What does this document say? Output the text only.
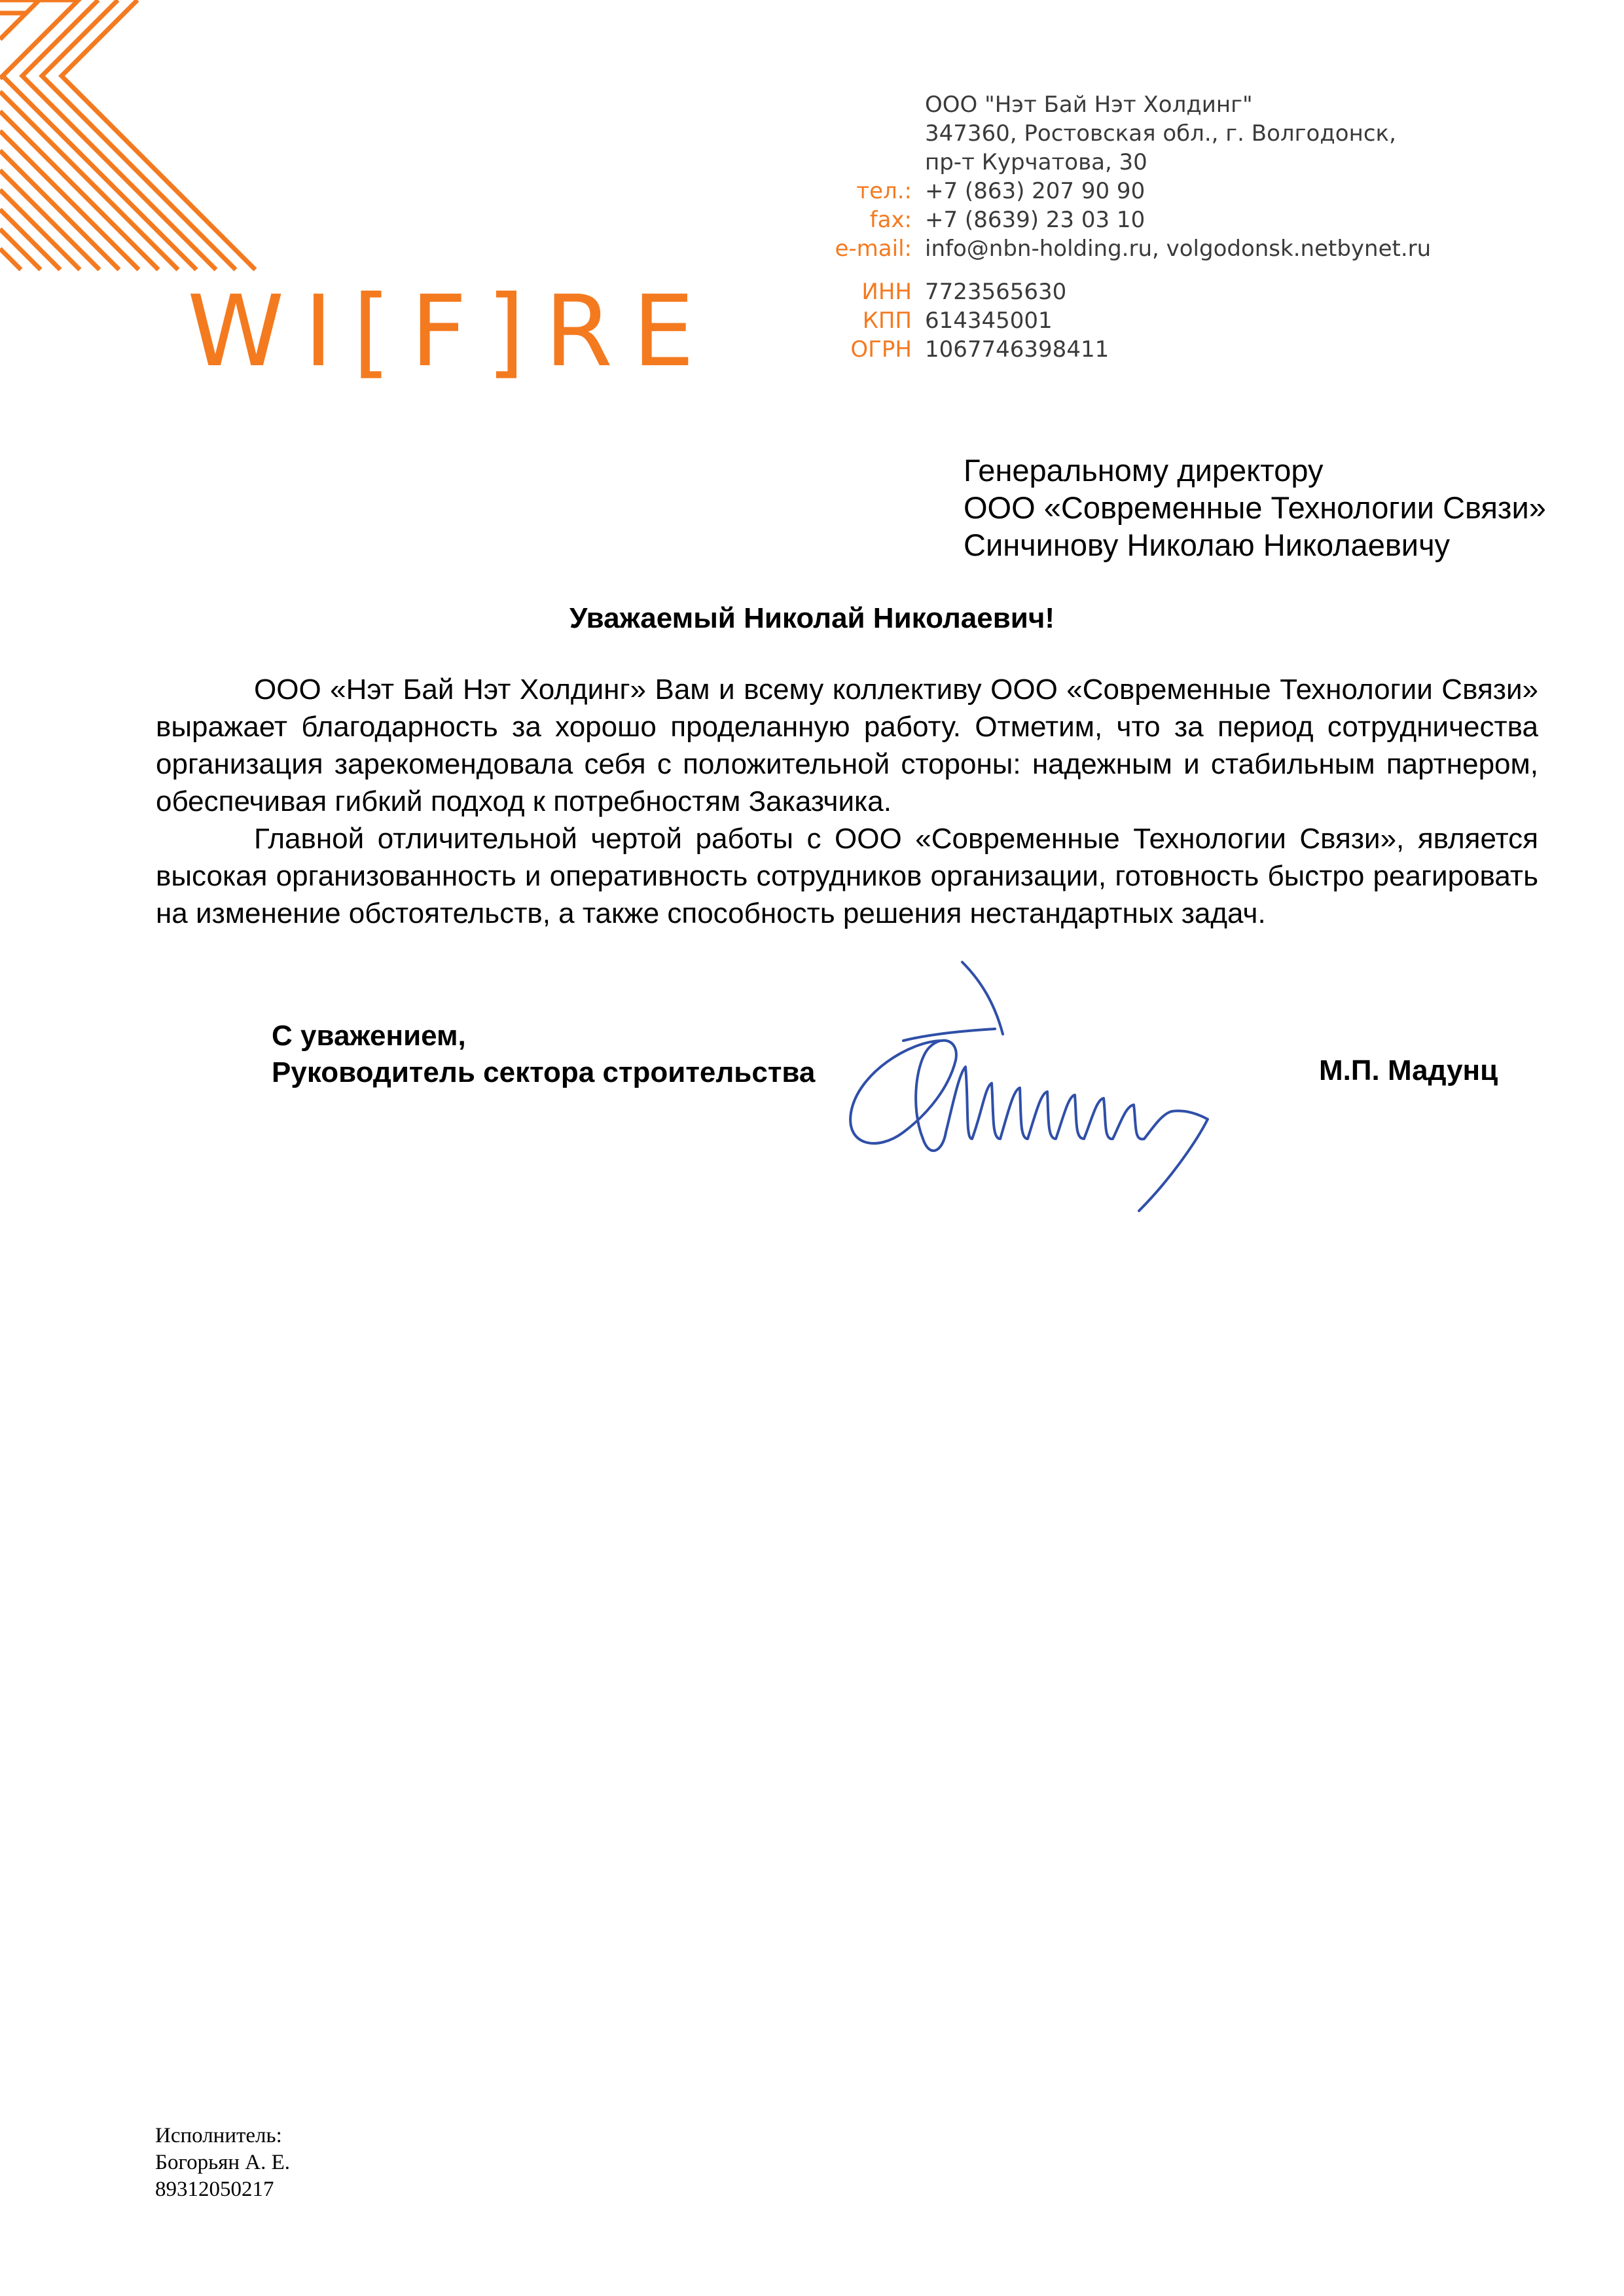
WI[F]RE
ООО "Нэт Бай Нэт Холдинг"
347360, Ростовская обл., г. Волгодонск,
пр-т Курчатова, 30
тел.: +7 (863) 207 90 90
fax: +7 (8639) 23 03 10
e-mail: info@nbn-holding.ru, volgodonsk.netbynet.ru
ИНН 7723565630
КПП 614345001
ОГРН 1067746398411
Генеральному директору
ООО «Современные Технологии Связи»
Синчинову Николаю Николаевичу
Уважаемый Николай Николаевич!

ООО «Нэт Бай Нэт Холдинг» Вам и всему коллективу ООО «Современные Технологии Связи» выражает благодарность за хорошо проделанную работу. Отметим, что за период сотрудничества организация зарекомендовала себя с положительной стороны: надежным и стабильным партнером, обеспечивая гибкий подход к потребностям Заказчика.

Главной отличительной чертой работы с ООО «Современные Технологии Связи», является высокая организованность и оперативность сотрудников организации, готовность быстро реагировать на изменение обстоятельств, а также способность решения нестандартных задач.

С уважением,
Руководитель сектора строительства	М.П. Мадунц
Исполнитель:
Богорьян А. Е.
89312050217
